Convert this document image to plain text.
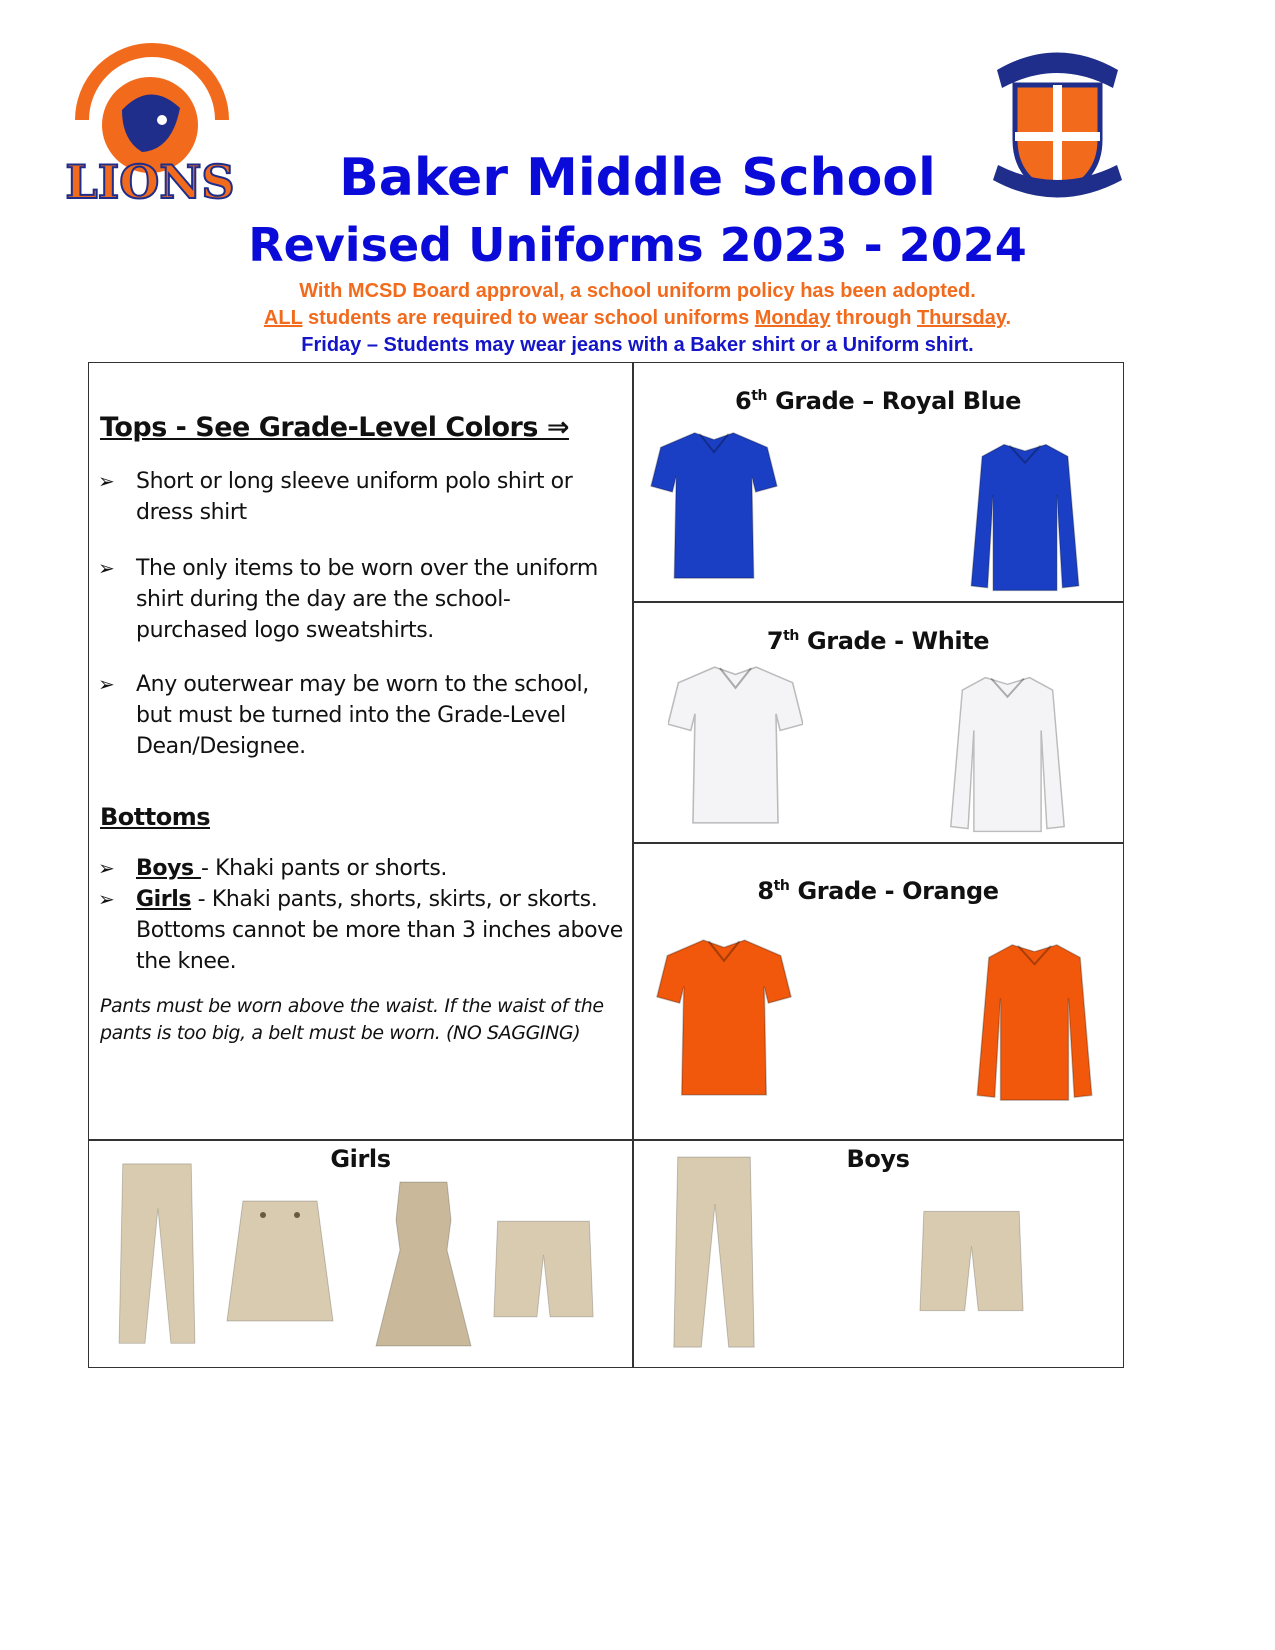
LIONS	Baker Middle School
Revised Uniforms 2023 - 2024
With MCSD Board approval, a school uniform policy has been adopted.
ALL students are required to wear school uniforms Monday through Thursday.
Friday – Students may wear jeans with a Baker shirt or a Uniform shirt.
Tops - See Grade-Level Colors ⇒
➢ Short or long sleeve uniform polo shirt or dress shirt
➢ The only items to be worn over the uniform shirt during the day are the school-purchased logo sweatshirts.
➢ Any outerwear may be worn to the school, but must be turned into the Grade-Level Dean/Designee.
Bottoms
➢ Boys - Khaki pants or shorts.
➢ Girls - Khaki pants, shorts, skirts, or skorts. Bottoms cannot be more than 3 inches above the knee.
Pants must be worn above the waist. If the waist of the pants is too big, a belt must be worn. (NO SAGGING)
6th Grade – Royal Blue
7th Grade - White
8th Grade - Orange
Girls	Boys
